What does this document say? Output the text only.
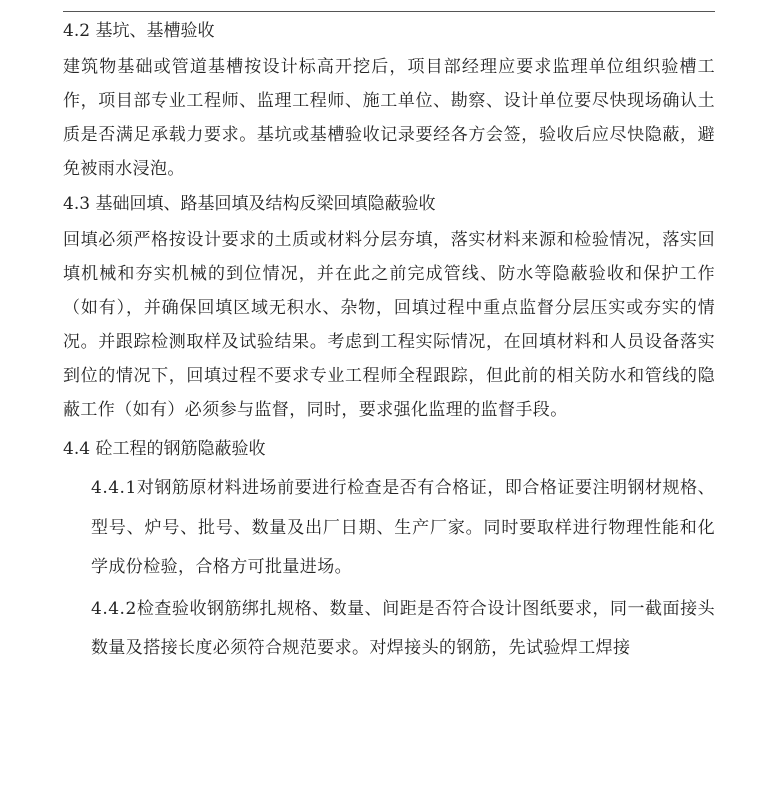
4.2 基坑、基槽验收

建筑物基础或管道基槽按设计标高开挖后，项目部经理应要求监理单位组织验槽工作，项目部专业工程师、监理工程师、施工单位、勘察、设计单位要尽快现场确认土质是否满足承载力要求。基坑或基槽验收记录要经各方会签，验收后应尽快隐蔽，避免被雨水浸泡。

4.3 基础回填、路基回填及结构反梁回填隐蔽验收

回填必须严格按设计要求的土质或材料分层夯填，落实材料来源和检验情况，落实回填机械和夯实机械的到位情况，并在此之前完成管线、防水等隐蔽验收和保护工作（如有），并确保回填区域无积水、杂物，回填过程中重点监督分层压实或夯实的情况。并跟踪检测取样及试验结果。考虑到工程实际情况，在回填材料和人员设备落实到位的情况下，回填过程不要求专业工程师全程跟踪，但此前的相关防水和管线的隐蔽工作（如有）必须参与监督，同时，要求强化监理的监督手段。

4.4 砼工程的钢筋隐蔽验收

4.4.1对钢筋原材料进场前要进行检查是否有合格证，即合格证要注明钢材规格、型号、炉号、批号、数量及出厂日期、生产厂家。同时要取样进行物理性能和化学成份检验，合格方可批量进场。

4.4.2检查验收钢筋绑扎规格、数量、间距是否符合设计图纸要求，同一截面接头数量及搭接长度必须符合规范要求。对焊接头的钢筋，先试验焊工焊接
